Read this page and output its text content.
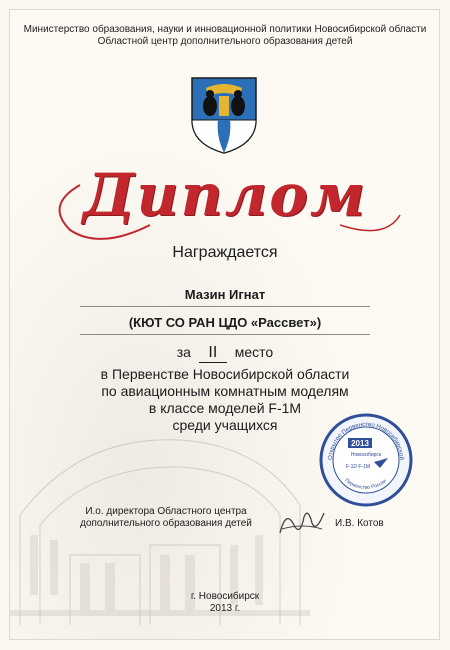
Министерство образования, науки и инновационной политики Новосибирской области
Областной центр дополнительного образования детей
Диплом
Награждается
Мазин Игнат
(КЮТ СО РАН ЦДО «Рассвет»)
за II место
в Первенстве Новосибирской области
по авиационным комнатным моделям
в классе моделей F-1M
среди учащихся
Открытое Первенство Новосибирской
2013
Новосибирск
F-1D F-1M
Первенство России
И.о. директора Областного центра
дополнительного образования детей	И.В. Котов
г. Новосибирск
2013 г.
